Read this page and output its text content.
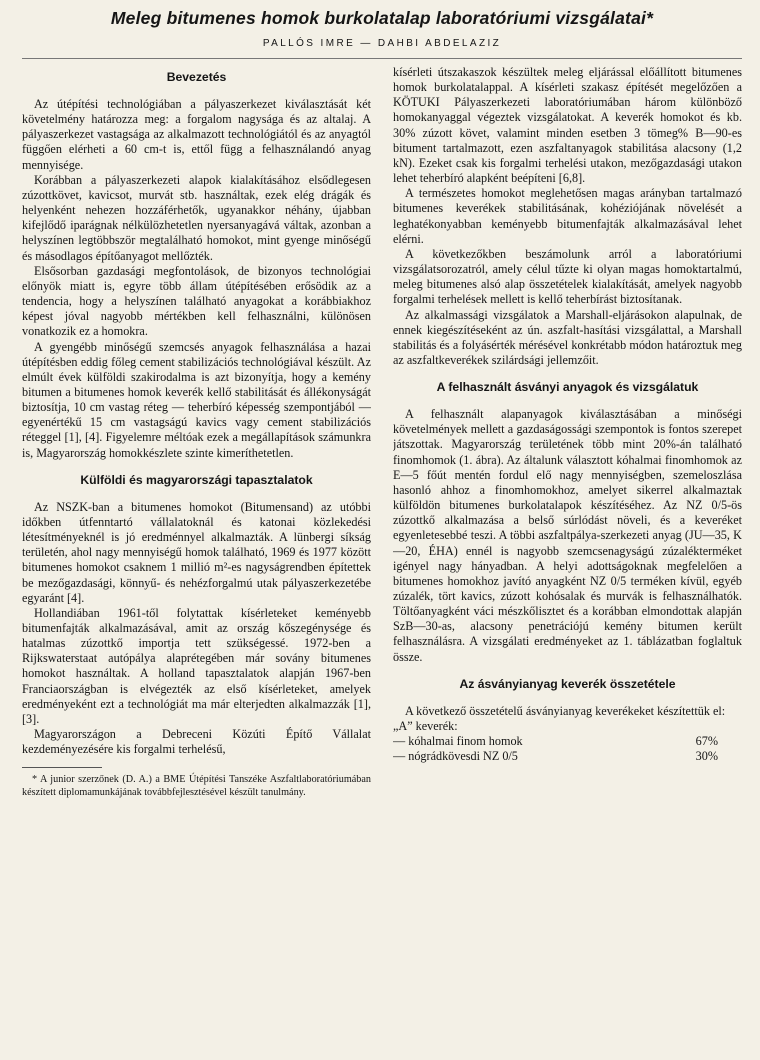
Meleg bitumenes homok burkolatalap laboratóriumi vizsgálatai*
PALLÓS IMRE — DAHBI ABDELAZIZ
Bevezetés

Az útépítési technológiában a pályaszerkezet kiválasztását két követelmény határozza meg: a forgalom nagysága és az altalaj. A pályaszerkezet vastagsága az alkalmazott technológiától és az anyagtól függően elérheti a 60 cm-t is, ettől függ a felhasználandó anyag mennyisége.

Korábban a pályaszerkezeti alapok kialakításához elsődlegesen zúzottkövet, kavicsot, murvát stb. használtak, ezek elég drágák és helyenként nehezen hozzáférhetők, ugyanakkor néhány, újabban kifejlődő iparágnak nélkülözhetetlen nyersanyagává váltak, azonban a helyszínen legtöbbször megtalálható homokot, mint gyenge minőségű és másodlagos építőanyagot mellőzték.

Elsősorban gazdasági megfontolások, de bizonyos technológiai előnyök miatt is, egyre több állam útépítésében erősödik az a tendencia, hogy a helyszínen található anyagokat a korábbiakhoz képest jóval nagyobb mértékben kell felhasználni, különösen vonatkozik ez a homokra.

A gyengébb minőségű szemcsés anyagok felhasználása a hazai útépítésben eddig főleg cement stabilizációs technológiával készült. Az elmúlt évek külföldi szakirodalma is azt bizonyítja, hogy a kemény bitumen a bitumenes homok keverék kellő stabilitását és állékonyságát biztosítja, 10 cm vastag réteg — teherbíró képesség szempontjából — egyenértékű 15 cm vastagságú kavics vagy cement stabilizációs réteggel [1], [4]. Figyelemre méltóak ezek a megállapítások számunkra is, Magyarország homokkészlete szinte kimeríthetetlen.

Külföldi és magyarországi tapasztalatok

Az NSZK-ban a bitumenes homokot (Bitumensand) az utóbbi időkben útfenntartó vállalatoknál és katonai közlekedési létesítményeknél is jó eredménnyel alkalmazták. A lünbergi síkság területén, ahol nagy mennyiségű homok található, 1969 és 1977 között bitumenes homokot csaknem 1 millió m²-es nagyságrendben építettek be mezőgazdasági, könnyű- és nehézforgalmú utak pályaszerkezetébe egyaránt [4].

Hollandiában 1961-től folytattak kísérleteket keményebb bitumenfajták alkalmazásával, amit az ország kőszegénysége és hatalmas zúzottkő importja tett szükségessé. 1972-ben a Rijkswaterstaat autópálya alaprétegében már sovány bitumenes homokot használtak. A holland tapasztalatok alapján 1967-ben Franciaországban is elvégezték az első kísérleteket, amelyek eredményeként ezt a technológiát ma már elterjedten alkalmazzák [1], [3].

Magyarországon a Debreceni Közúti Építő Vállalat kezdeményezésére kis forgalmi terhelésű,

* A junior szerzőnek (D. A.) a BME Útépítési Tanszéke Aszfaltlaboratóriumában készített diplomamunkájának továbbfejlesztésével készült tanulmány.

kísérleti útszakaszok készültek meleg eljárással előállított bitumenes homok burkolatalappal. A kísérleti szakasz építését megelőzően a KÖTUKI Pályaszerkezeti laboratóriumában három különböző homokanyaggal végeztek vizsgálatokat. A keverék homokot és kb. 30% zúzott követ, valamint minden esetben 3 tömeg% B—90-es bitument tartalmazott, ezen aszfaltanyagok stabilitása alacsony (1,2 kN). Ezeket csak kis forgalmi terhelési utakon, mezőgazdasági utakon lehet teherbíró alapként beépíteni [6,8].

A természetes homokot meglehetősen magas arányban tartalmazó bitumenes keverékek stabilitásának, kohéziójának növelését a leghatékonyabban keményebb bitumenfajták alkalmazásával lehet elérni.

A következőkben beszámolunk arról a laboratóriumi vizsgálatsorozatról, amely célul tűzte ki olyan magas homoktartalmú, meleg bitumenes alsó alap összetételek kialakítását, amelyek nagyobb forgalmi terhelések mellett is kellő teherbírást biztosítanak.

Az alkalmassági vizsgálatok a Marshall-eljárásokon alapulnak, de ennek kiegészítéseként az ún. aszfalt-hasítási vizsgálattal, a Marshall stabilitás és a folyásérték mérésével konkrétabb módon határoztuk meg az aszfaltkeverékek szilárdsági jellemzőit.

A felhasznált ásványi anyagok és vizsgálatuk

A felhasznált alapanyagok kiválasztásában a minőségi követelmények mellett a gazdaságossági szempontok is fontos szerepet játszottak. Magyarország területének több mint 20%-án található finomhomok (1. ábra). Az általunk választott kóhalmai finomhomok az E—5 főút mentén fordul elő nagy mennyiségben, szemeloszlása hasonló ahhoz a finomhomokhoz, amelyet sikerrel alkalmaztak külföldön bitumenes burkolatalapok készítéséhez. Az NZ 0/5-ös zúzottkő alkalmazása a belső súrlódást növeli, és a keveréket egyenletesebbé teszi. A többi aszfaltpálya-szerkezeti anyag (JU—35, K—20, ÉHA) ennél is nagyobb szemcsenagyságú zúzalékterméket igényel nagy hányadban. A helyi adottságoknak megfelelően a bitumenes homokhoz javító anyagként NZ 0/5 terméken kívül, egyéb zúzalék, tört kavics, zúzott kohósalak és murvák is felhasználhatók. Töltőanyagként váci mészkőlisztet és a korábban elmondottak alapján SzB—30-as, alacsony penetrációjú kemény bitumen került felhasználásra. A vizsgálati eredményeket az 1. táblázatban foglaltuk össze.

Az ásványianyag keverék összetétele

A következő összetételű ásványianyag keverékeket készítettük el:

„A” keverék:
— kóhalmai finom homok	67%
— nógrádkövesdi NZ 0/5	30%
